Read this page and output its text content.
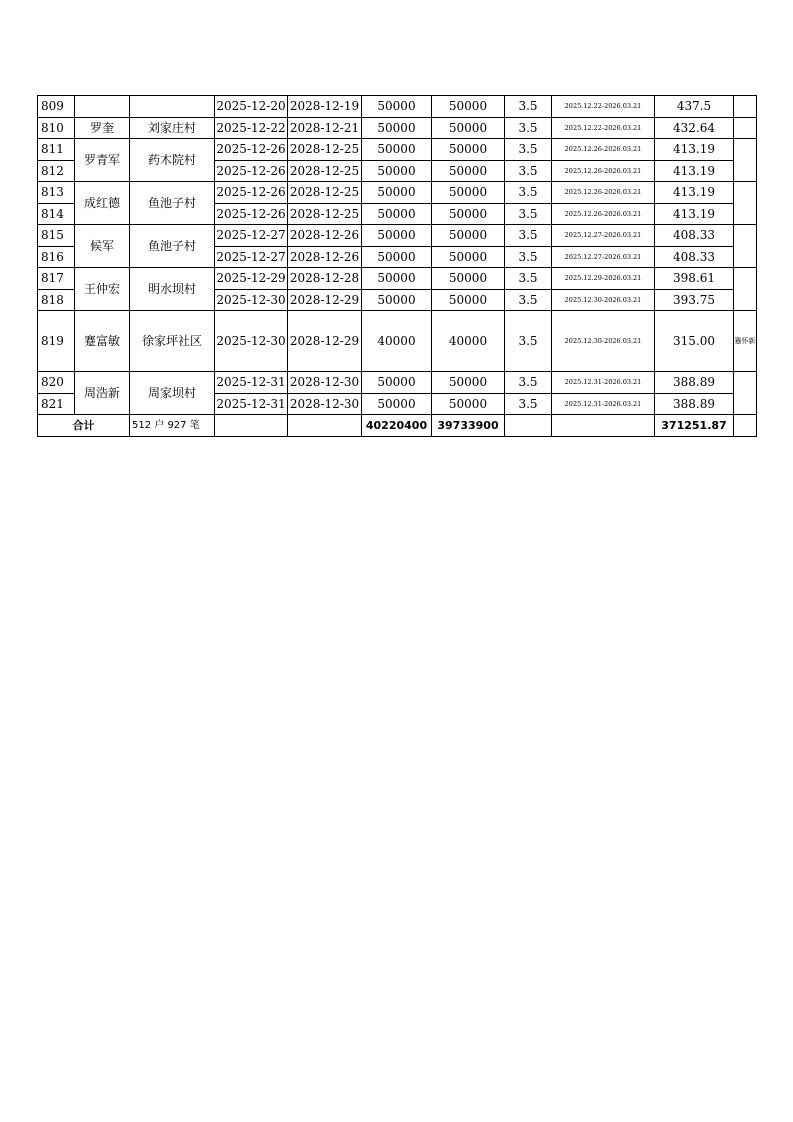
809			2025-12-20	2028-12-19	50000	50000	3.5	2025.12.22-2026.03.21	437.5	
810	罗奎	刘家庄村	2025-12-22	2028-12-21	50000	50000	3.5	2025.12.22-2026.03.21	432.64	
811	罗青军	药木院村	2025-12-26	2028-12-25	50000	50000	3.5	2025.12.26-2026.03.21	413.19	
812			2025-12-26	2028-12-25	50000	50000	3.5	2025.12.26-2026.03.21	413.19	
813	成红德	鱼池子村	2025-12-26	2028-12-25	50000	50000	3.5	2025.12.26-2026.03.21	413.19	
814			2025-12-26	2028-12-25	50000	50000	3.5	2025.12.26-2026.03.21	413.19	
815	候军	鱼池子村	2025-12-27	2028-12-26	50000	50000	3.5	2025.12.27-2026.03.21	408.33	
816			2025-12-27	2028-12-26	50000	50000	3.5	2025.12.27-2026.03.21	408.33	
817	王仲宏	明水坝村	2025-12-29	2028-12-28	50000	50000	3.5	2025.12.29-2026.03.21	398.61	
818			2025-12-30	2028-12-29	50000	50000	3.5	2025.12.30-2026.03.21	393.75	
819	蹇富敏	徐家坪社区	2025-12-30	2028-12-29	40000	40000	3.5	2025.12.30-2026.03.21	315.00	蹇怀新
820	周浩新	周家坝村	2025-12-31	2028-12-30	50000	50000	3.5	2025.12.31-2026.03.21	388.89	
821			2025-12-31	2028-12-30	50000	50000	3.5	2025.12.31-2026.03.21	388.89	
合计		512 户 927 笔			40220400	39733900			371251.87	
